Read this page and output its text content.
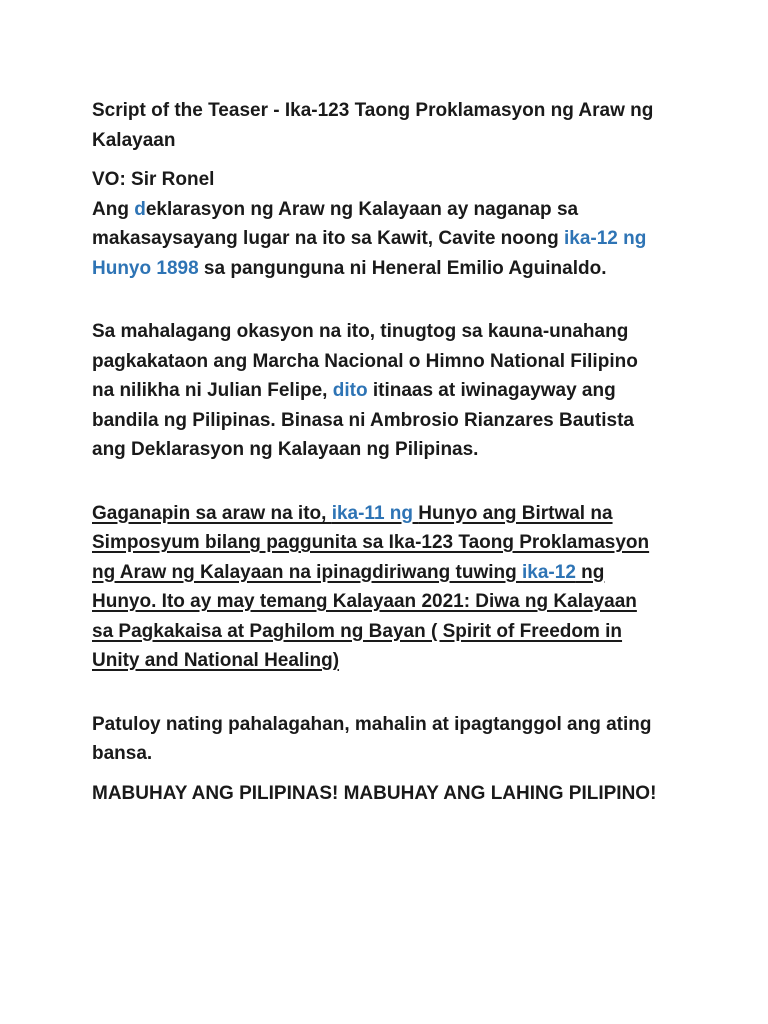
Script of the Teaser - Ika-123 Taong Proklamasyon ng Araw ng

Kalayaan

VO: Sir Ronel

Ang deklarasyon ng Araw ng Kalayaan ay naganap sa

makasaysayang lugar na ito sa Kawit, Cavite noong ika-12 ng

Hunyo 1898 sa pangunguna ni Heneral Emilio Aguinaldo.

Sa mahalagang okasyon na ito, tinugtog sa kauna-unahang

pagkakataon ang Marcha Nacional o Himno National Filipino

na nilikha ni Julian Felipe, dito itinaas at iwinagayway ang

bandila ng Pilipinas. Binasa ni Ambrosio Rianzares Bautista

ang Deklarasyon ng Kalayaan ng Pilipinas.

Gaganapin sa araw na ito, ika-11 ng Hunyo ang Birtwal na

Simposyum bilang paggunita sa Ika-123 Taong Proklamasyon

ng Araw ng Kalayaan na ipinagdiriwang tuwing ika-12 ng

Hunyo. Ito ay may temang Kalayaan 2021: Diwa ng Kalayaan

sa Pagkakaisa at Paghilom ng Bayan ( Spirit of Freedom in

Unity and National Healing)

Patuloy nating pahalagahan, mahalin at ipagtanggol ang ating

bansa.

MABUHAY ANG PILIPINAS! MABUHAY ANG LAHING PILIPINO!
